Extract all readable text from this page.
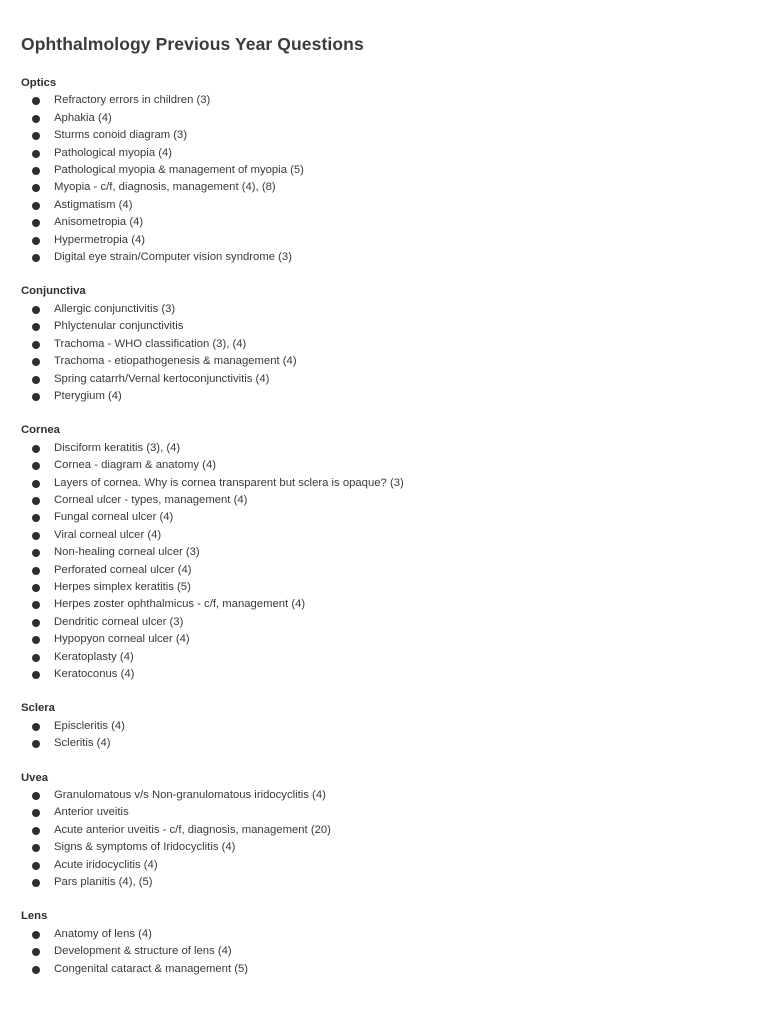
Ophthalmology Previous Year Questions
Optics
Refractory errors in children (3)
Aphakia (4)
Sturms conoid diagram (3)
Pathological myopia (4)
Pathological myopia & management of myopia (5)
Myopia - c/f, diagnosis, management (4), (8)
Astigmatism (4)
Anisometropia (4)
Hypermetropia (4)
Digital eye strain/Computer vision syndrome (3)
Conjunctiva
Allergic conjunctivitis (3)
Phlyctenular conjunctivitis
Trachoma - WHO classification (3), (4)
Trachoma - etiopathogenesis & management (4)
Spring catarrh/Vernal kertoconjunctivitis (4)
Pterygium (4)
Cornea
Disciform keratitis (3), (4)
Cornea - diagram & anatomy (4)
Layers of cornea. Why is cornea transparent but sclera is opaque? (3)
Corneal ulcer - types, management (4)
Fungal corneal ulcer (4)
Viral corneal ulcer (4)
Non-healing corneal ulcer (3)
Perforated corneal ulcer (4)
Herpes simplex keratitis (5)
Herpes zoster ophthalmicus - c/f, management (4)
Dendritic corneal ulcer (3)
Hypopyon corneal ulcer (4)
Keratoplasty (4)
Keratoconus (4)
Sclera
Episcleritis (4)
Scleritis (4)
Uvea
Granulomatous v/s Non-granulomatous iridocyclitis (4)
Anterior uveitis
Acute anterior uveitis - c/f, diagnosis, management (20)
Signs & symptoms of Iridocyclitis (4)
Acute iridocyclitis (4)
Pars planitis (4), (5)
Lens
Anatomy of lens (4)
Development & structure of lens (4)
Congenital cataract & management (5)
